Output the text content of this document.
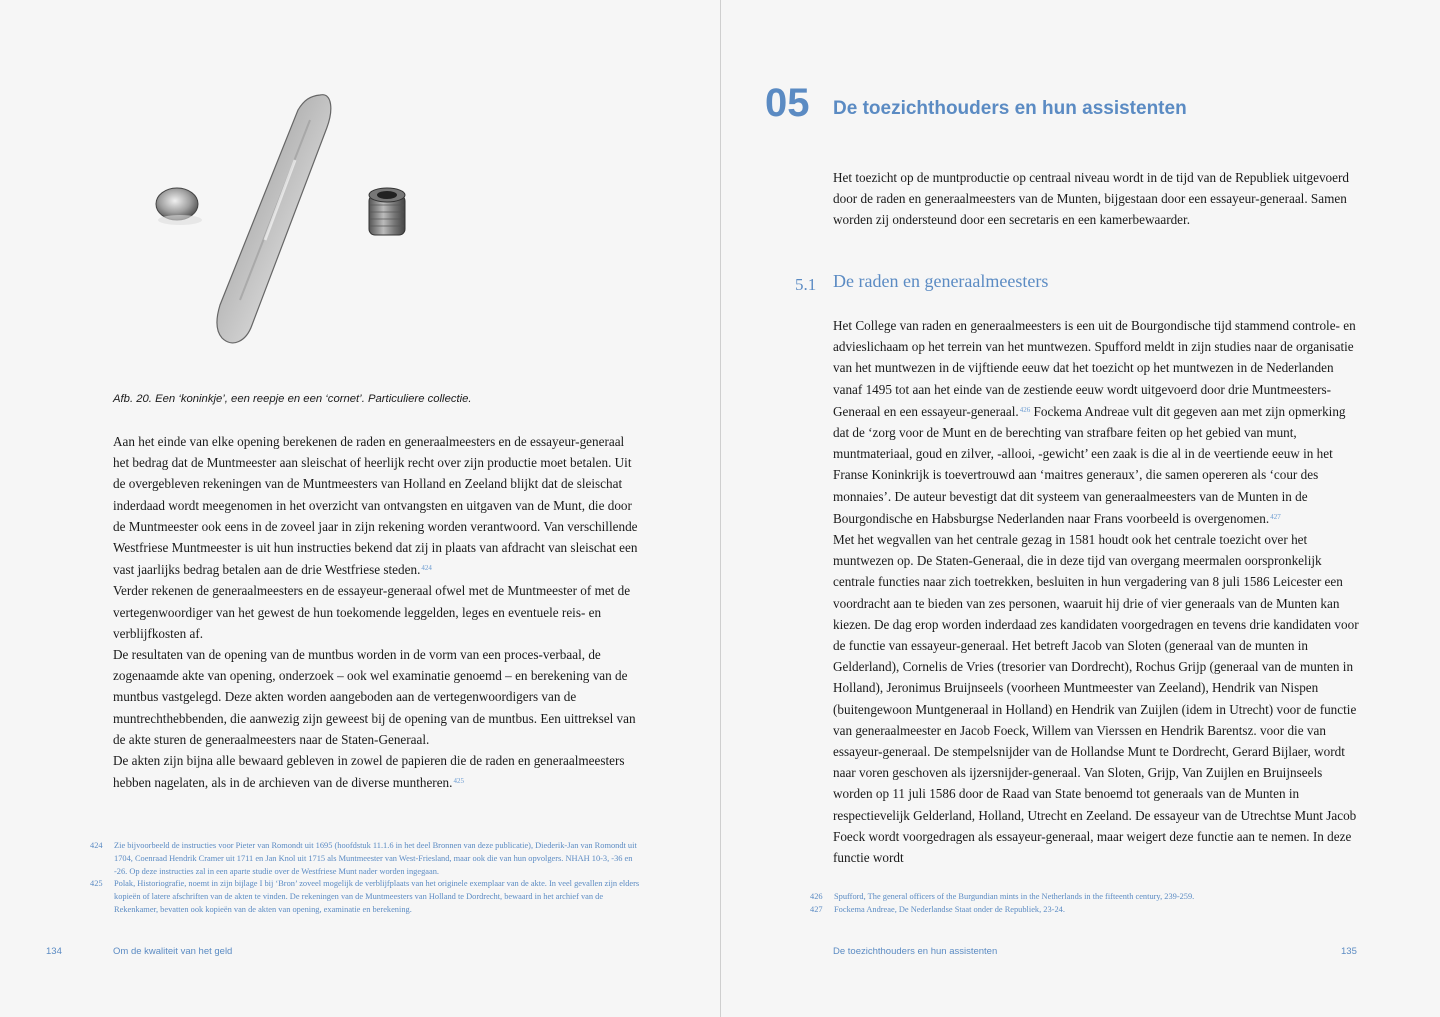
Afb. 20. Een ‘koninkje’, een reepje en een ‘cornet’. Particuliere collectie.

Aan het einde van elke opening berekenen de raden en generaalmeesters en de essayeur-generaal het bedrag dat de Muntmeester aan sleischat of heerlijk recht over zijn productie moet betalen. Uit de overgebleven rekeningen van de Muntmeesters van Holland en Zeeland blijkt dat de sleischat inderdaad wordt meegenomen in het overzicht van ontvangsten en uitgaven van de Munt, die door de Muntmeester ook eens in de zoveel jaar in zijn rekening worden verantwoord. Van verschillende Westfriese Muntmeester is uit hun instructies bekend dat zij in plaats van afdracht van sleischat een vast jaarlijks bedrag betalen aan de drie Westfriese steden.$^{424}$

Verder rekenen de generaalmeesters en de essayeur-generaal ofwel met de Muntmeester of met de vertegenwoordiger van het gewest de hun toekomende leggelden, leges en eventuele reis- en verblijfkosten af.

De resultaten van de opening van de muntbus worden in de vorm van een proces-verbaal, de zogenaamde akte van opening, onderzoek – ook wel examinatie genoemd – en berekening van de muntbus vastgelegd. Deze akten worden aangeboden aan de vertegenwoordigers van de muntrechthebbenden, die aanwezig zijn geweest bij de opening van de muntbus. Een uittreksel van de akte sturen de generaalmeesters naar de Staten-Generaal.

De akten zijn bijna alle bewaard gebleven in zowel de papieren die de raden en generaalmeesters hebben nagelaten, als in de archieven van de diverse muntheren.$^{425}$

424	Zie bijvoorbeeld de instructies voor Pieter van Romondt uit 1695 (hoofdstuk 11.1.6 in het deel Bronnen van deze publicatie), Diederik-Jan van Romondt uit 1704, Coenraad Hendrik Cramer uit 1711 en Jan Knol uit 1715 als Muntmeester van West-Friesland, maar ook die van hun opvolgers. NHAH 10-3, -36 en -26. Op deze instructies zal in een aparte studie over de Westfriese Munt nader worden ingegaan.
425	Polak, Historiografie, noemt in zijn bijlage I bij ‘Bron’ zoveel mogelijk de verblijfplaats van het originele exemplaar van de akte. In veel gevallen zijn elders kopieën of latere afschriften van de akten te vinden. De rekeningen van de Muntmeesters van Holland te Dordrecht, bewaard in het archief van de Rekenkamer, bevatten ook kopieën van de akten van opening, examinatie en berekening.
134	Om de kwaliteit van het geld
05 De toezichthouders en hun assistenten
Het toezicht op de muntproductie op centraal niveau wordt in de tijd van de Republiek uitgevoerd door de raden en generaalmeesters van de Munten, bijgestaan door een essayeur-generaal. Samen worden zij ondersteund door een secretaris en een kamerbewaarder.
5.1 De raden en generaalmeesters

Het College van raden en generaalmeesters is een uit de Bourgondische tijd stammend controle- en advieslichaam op het terrein van het muntwezen. Spufford meldt in zijn studies naar de organisatie van het muntwezen in de vijftiende eeuw dat het toezicht op het muntwezen in de Nederlanden vanaf 1495 tot aan het einde van de zestiende eeuw wordt uitgevoerd door drie Muntmeesters-Generaal en een essayeur-generaal.$^{426}$ Fockema Andreae vult dit gegeven aan met zijn opmerking dat de ‘zorg voor de Munt en de berechting van strafbare feiten op het gebied van munt, muntmateriaal, goud en zilver, -allooi, -gewicht’ een zaak is die al in de veertiende eeuw in het Franse Koninkrijk is toevertrouwd aan ‘maitres generaux’, die samen opereren als ‘cour des monnaies’. De auteur bevestigt dat dit systeem van generaalmeesters van de Munten in de Bourgondische en Habsburgse Nederlanden naar Frans voorbeeld is overgenomen.$^{427}$

Met het wegvallen van het centrale gezag in 1581 houdt ook het centrale toezicht over het muntwezen op. De Staten-Generaal, die in deze tijd van overgang meermalen oorspronkelijk centrale functies naar zich toetrekken, besluiten in hun vergadering van 8 juli 1586 Leicester een voordracht aan te bieden van zes personen, waaruit hij drie of vier generaals van de Munten kan kiezen. De dag erop worden inderdaad zes kandidaten voorgedragen en tevens drie kandidaten voor de functie van essayeur-generaal. Het betreft Jacob van Sloten (generaal van de munten in Gelderland), Cornelis de Vries (tresorier van Dordrecht), Rochus Grijp (generaal van de munten in Holland), Jeronimus Bruijnseels (voorheen Muntmeester van Zeeland), Hendrik van Nispen (buitengewoon Muntgeneraal in Holland) en Hendrik van Zuijlen (idem in Utrecht) voor de functie van generaalmeester en Jacob Foeck, Willem van Vierssen en Hendrik Barentsz. voor die van essayeur-generaal. De stempelsnijder van de Hollandse Munt te Dordrecht, Gerard Bijlaer, wordt naar voren geschoven als ijzersnijder-generaal. Van Sloten, Grijp, Van Zuijlen en Bruijnseels worden op 11 juli 1586 door de Raad van State benoemd tot generaals van de Munten in respectievelijk Gelderland, Holland, Utrecht en Zeeland. De essayeur van de Utrechtse Munt Jacob Foeck wordt voorgedragen als essayeur-generaal, maar weigert deze functie aan te nemen. In deze functie wordt

426	Spufford, The general officers of the Burgundian mints in the Netherlands in the fifteenth century, 239-259.
427	Fockema Andreae, De Nederlandse Staat onder de Republiek, 23-24.
De toezichthouders en hun assistenten	135
